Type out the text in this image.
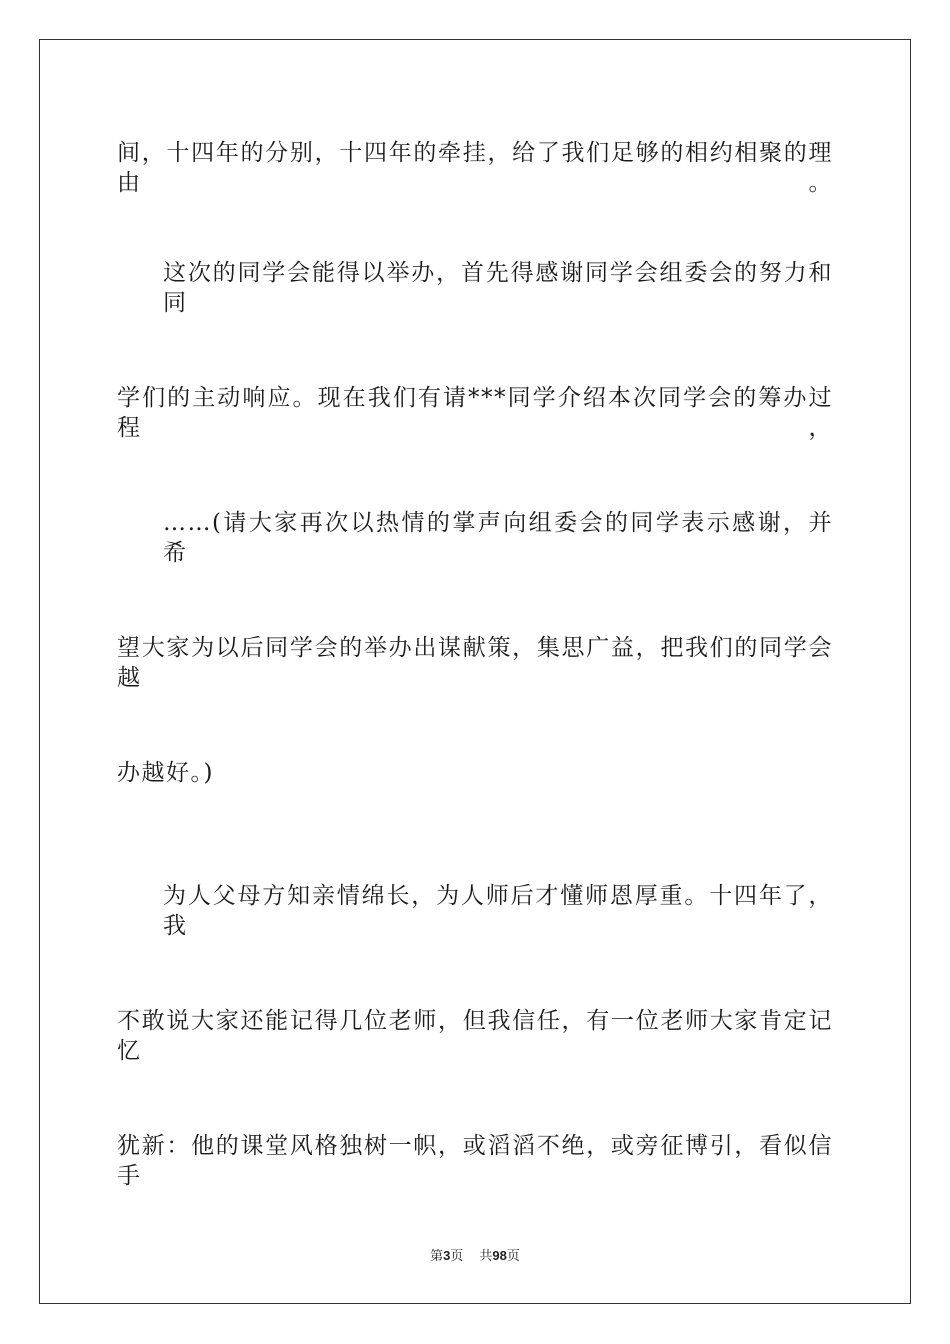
间，十四年的分别，十四年的牵挂，给了我们足够的相约相聚的理由。
这次的同学会能得以举办，首先得感谢同学会组委会的努力和同
学们的主动响应。现在我们有请***同学介绍本次同学会的筹办过程，
……(请大家再次以热情的掌声向组委会的同学表示感谢，并希
望大家为以后同学会的举办出谋献策，集思广益，把我们的同学会越
办越好。)
为人父母方知亲情绵长，为人师后才懂师恩厚重。十四年了，我
不敢说大家还能记得几位老师，但我信任，有一位老师大家肯定记忆
犹新：他的课堂风格独树一帜，或滔滔不绝，或旁征博引，看似信手
第3页 共98页
